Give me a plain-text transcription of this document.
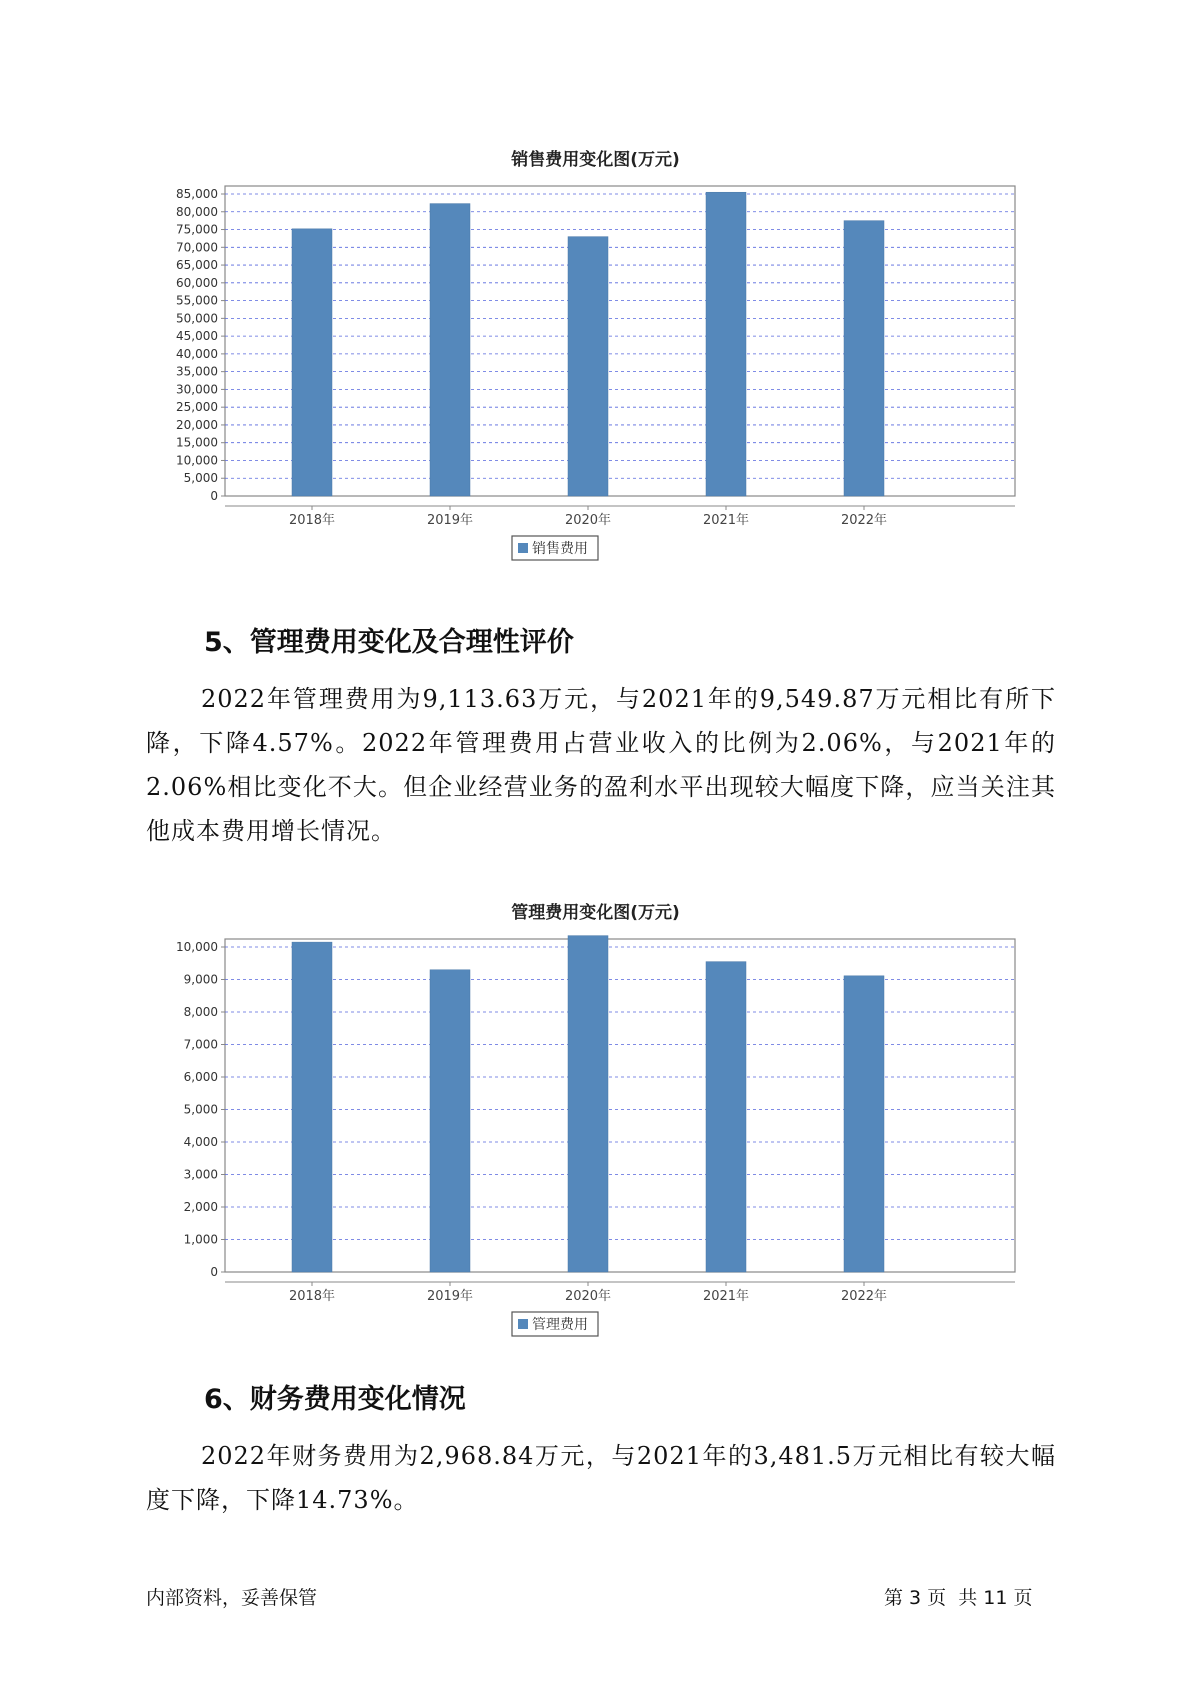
销售费用变化图(万元)
0
5,000
10,000
15,000
20,000
25,000
30,000
35,000
40,000
45,000
50,000
55,000
60,000
65,000
70,000
75,000
80,000
85,000
2018年	2019年	2020年	2021年	2022年
销售费用
5、管理费用变化及合理性评价
2022年管理费用为9,113.63万元，与2021年的9,549.87万元相比有所下降，下降4.57%。2022年管理费用占营业收入的比例为2.06%，与2021年的2.06%相比变化不大。但企业经营业务的盈利水平出现较大幅度下降，应当关注其他成本费用增长情况。
管理费用变化图(万元)
0
1,000
2,000
3,000
4,000
5,000
6,000
7,000
8,000
9,000
10,000
2018年	2019年	2020年	2021年	2022年
管理费用
6、财务费用变化情况
2022年财务费用为2,968.84万元，与2021年的3,481.5万元相比有较大幅度下降，下降14.73%。
内部资料，妥善保管	第 3 页  共 11 页
